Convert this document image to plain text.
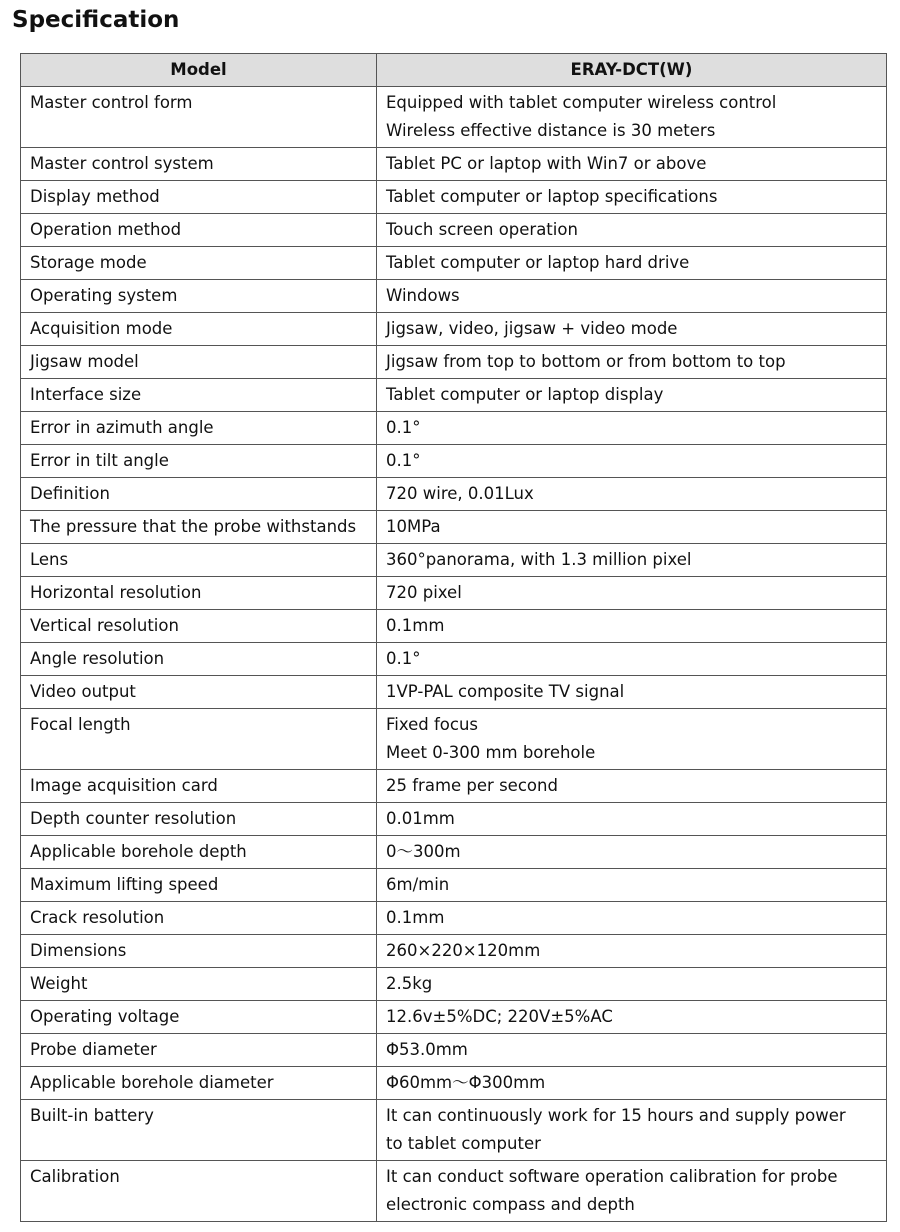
Specification
Model	ERAY-DCT(W)
Master control form	Equipped with tablet computer wireless control
Wireless effective distance is 30 meters

Master control system	Tablet PC or laptop with Win7 or above

Display method	Tablet computer or laptop specifications

Operation method	Touch screen operation

Storage mode	Tablet computer or laptop hard drive

Operating system	Windows

Acquisition mode	Jigsaw, video, jigsaw + video mode

Jigsaw model	Jigsaw from top to bottom or from bottom to top

Interface size	Tablet computer or laptop display

Error in azimuth angle	0.1°

Error in tilt angle	0.1°

Definition	720 wire, 0.01Lux

The pressure that the probe withstands	10MPa

Lens	360°panorama, with 1.3 million pixel

Horizontal resolution	720 pixel

Vertical resolution	0.1mm

Angle resolution	0.1°

Video output	1VP-PAL composite TV signal

Focal length	Fixed focus
Meet 0-300 mm borehole

Image acquisition card	25 frame per second

Depth counter resolution	0.01mm

Applicable borehole depth	0～300m

Maximum lifting speed	6m/min

Crack resolution	0.1mm

Dimensions	260×220×120mm

Weight	2.5kg

Operating voltage	12.6v±5%DC; 220V±5%AC

Probe diameter	Φ53.0mm

Applicable borehole diameter	Φ60mm～Φ300mm

Built-in battery	It can continuously work for 15 hours and supply power
to tablet computer

Calibration	It can conduct software operation calibration for probe
electronic compass and depth
